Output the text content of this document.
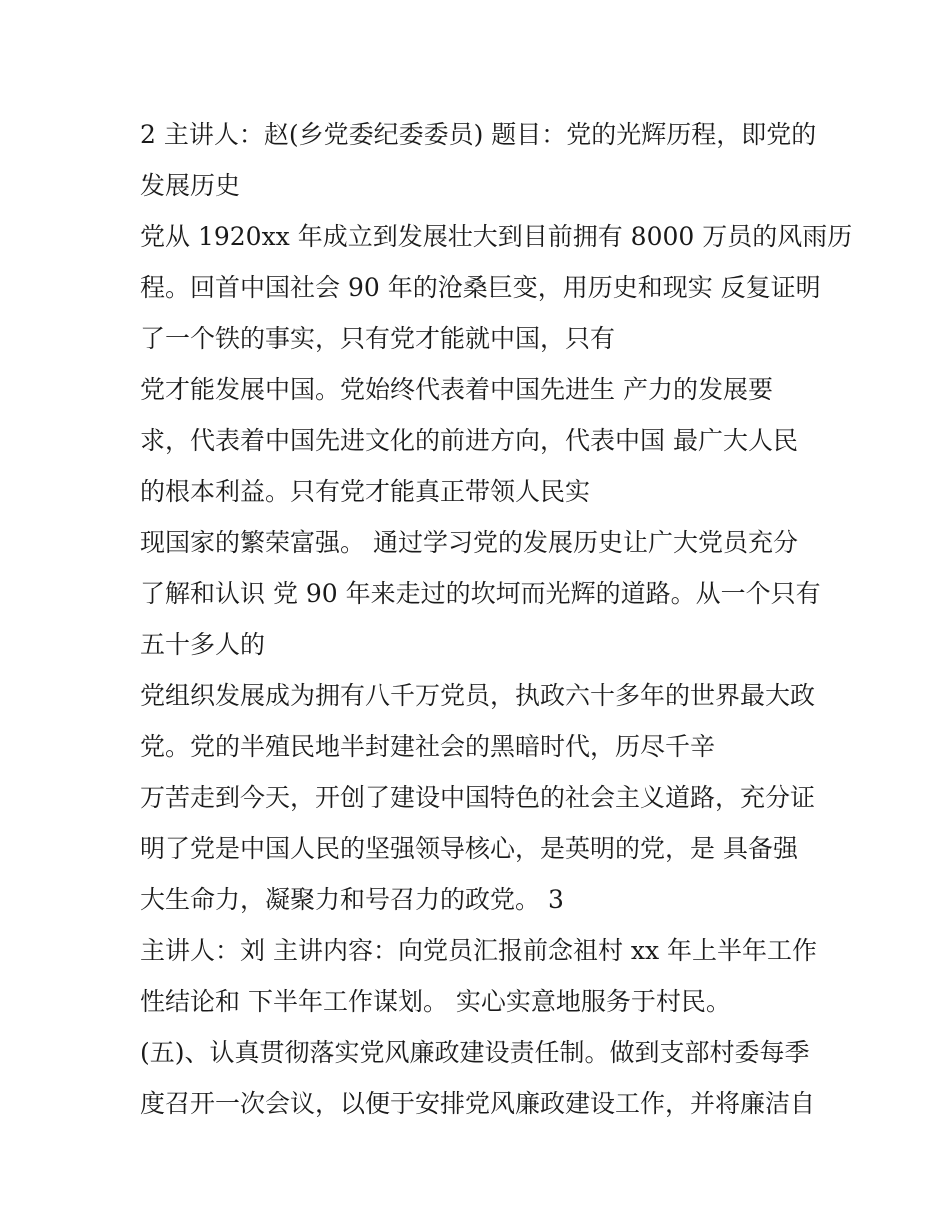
2 主讲人：赵(乡党委纪委委员) 题目：党的光辉历程，即党的
发展历史
党从 1920xx 年成立到发展壮大到目前拥有 8000 万员的风雨历
程。回首中国社会 90 年的沧桑巨变，用历史和现实 反复证明
了一个铁的事实，只有党才能就中国，只有
党才能发展中国。党始终代表着中国先进生 产力的发展要
求，代表着中国先进文化的前进方向，代表中国 最广大人民
的根本利益。只有党才能真正带领人民实
现国家的繁荣富强。 通过学习党的发展历史让广大党员充分
了解和认识 党 90 年来走过的坎坷而光辉的道路。从一个只有
五十多人的
党组织发展成为拥有八千万党员，执政六十多年的世界最大政
党。党的半殖民地半封建社会的黑暗时代，历尽千辛
万苦走到今天，开创了建设中国特色的社会主义道路，充分证
明了党是中国人民的坚强领导核心，是英明的党，是 具备强
大生命力，凝聚力和号召力的政党。 3
主讲人：刘 主讲内容：向党员汇报前念祖村 xx 年上半年工作
性结论和 下半年工作谋划。 实心实意地服务于村民。
(五)、认真贯彻落实党风廉政建设责任制。做到支部村委每季
度召开一次会议，以便于安排党风廉政建设工作，并将廉洁自
